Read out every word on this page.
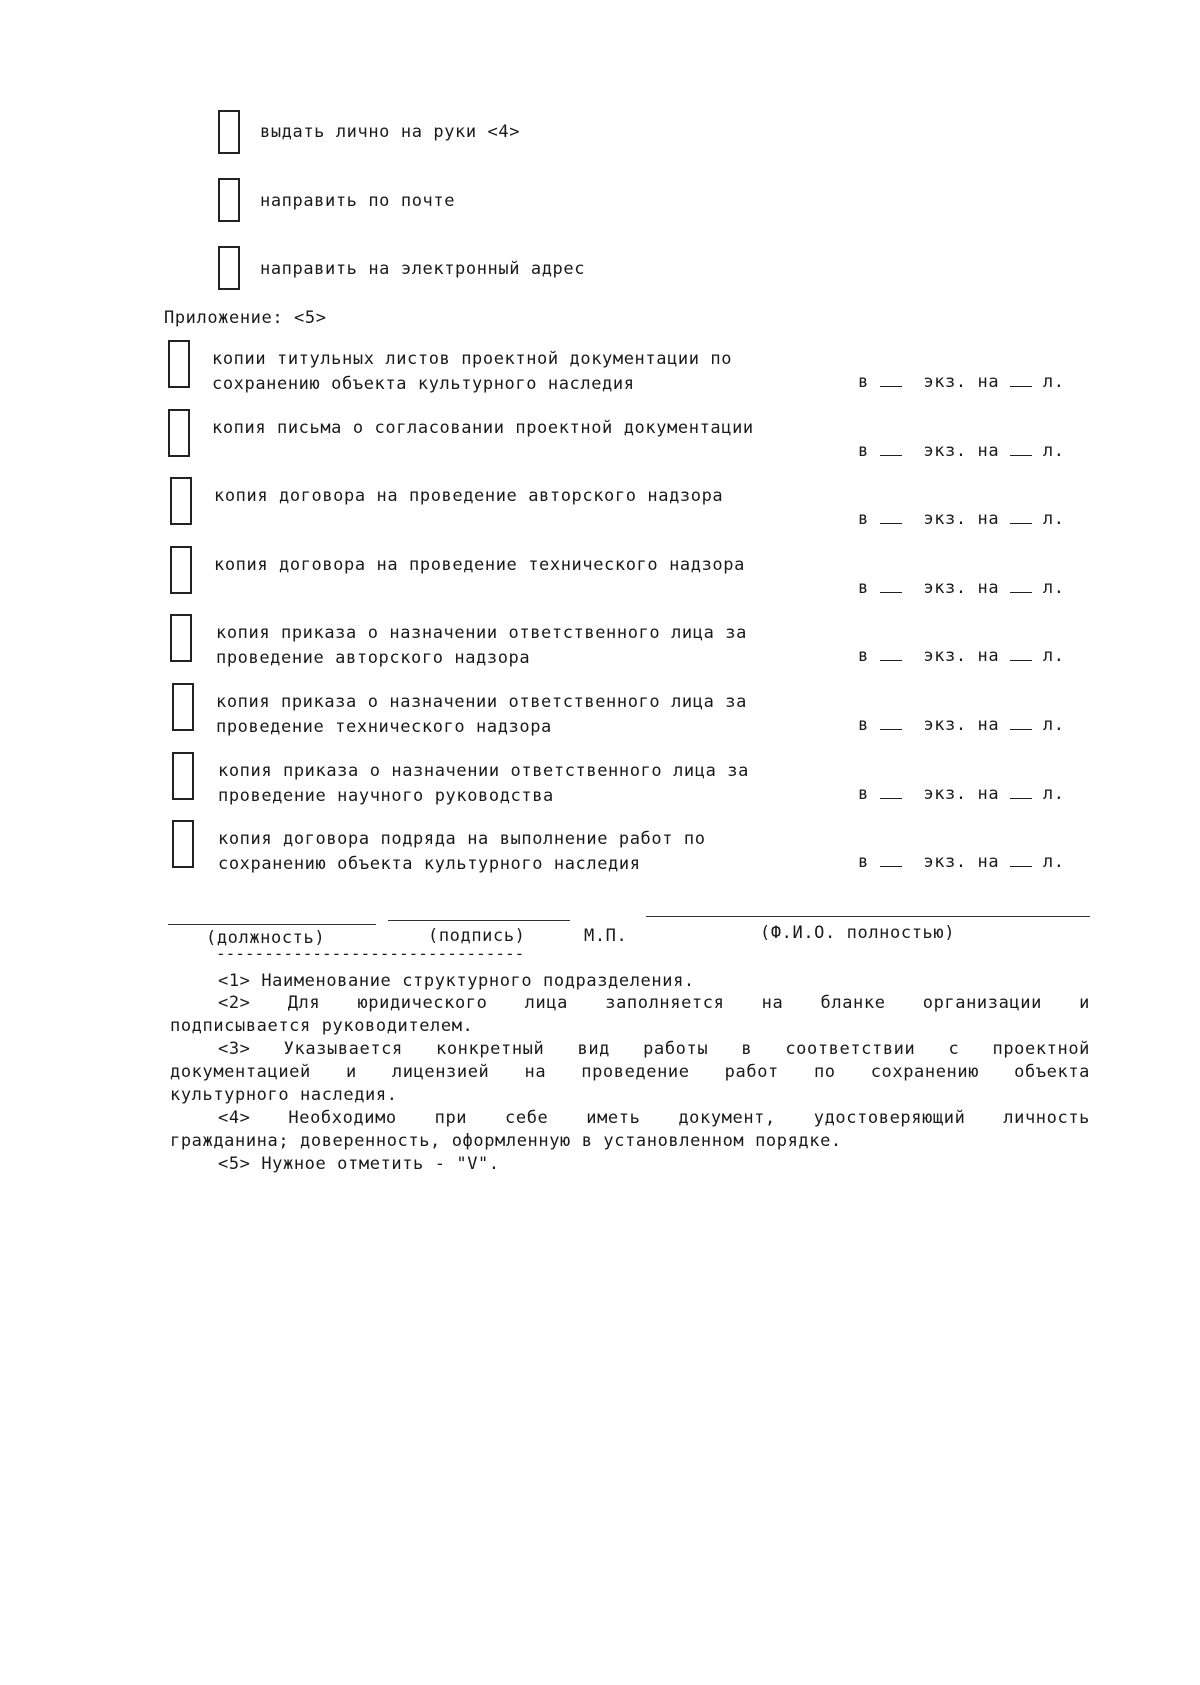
выдать лично на руки <4>
направить по почте
направить на электронный адрес
Приложение: <5>
копии титульных листов проектной документации по
сохранению объекта культурного наследия	в	экз. на	л.
копия письма о согласовании проектной документации
в	экз. на	л.
копия договора на проведение авторского надзора
в	экз. на	л.
копия договора на проведение технического надзора
в	экз. на	л.
копия приказа о назначении ответственного лица за
проведение авторского надзора	в	экз. на	л.
копия приказа о назначении ответственного лица за
проведение технического надзора	в	экз. на	л.
копия приказа о назначении ответственного лица за
проведение научного руководства	в	экз. на	л.
копия договора подряда на выполнение работ по
сохранению объекта культурного наследия	в	экз. на	л.
(должность)	(подпись)	М.П.	(Ф.И.О. полностью)
--------------------------------
<1> Наименование структурного подразделения.
<2> Для юридического лица заполняется на бланке организации и
подписывается руководителем.
<3> Указывается конкретный вид работы в соответствии с проектной
документацией и лицензией на проведение работ по сохранению объекта
культурного наследия.
<4> Необходимо при себе иметь документ, удостоверяющий личность
гражданина; доверенность, оформленную в установленном порядке.
<5> Нужное отметить - "V".
